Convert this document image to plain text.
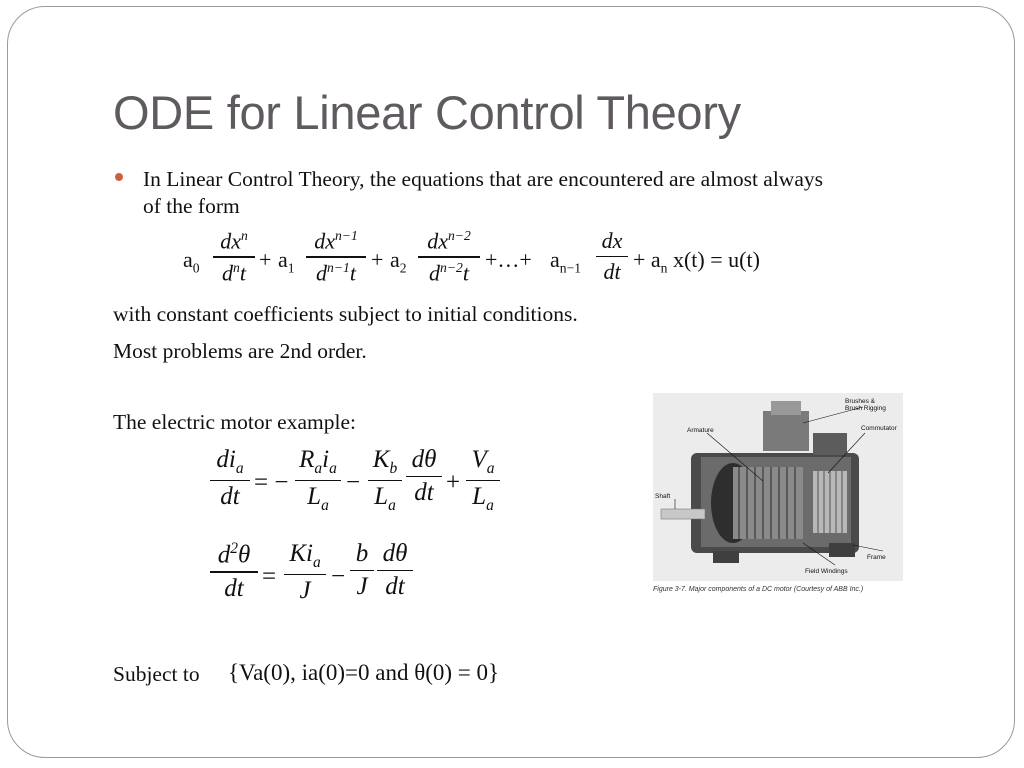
ODE for Linear Control Theory
In Linear Control Theory, the equations that are encountered are almost always
of the form
$a_0$
$dx^n$
$d^nt$
+ $a_1$
$dx^{n-1}$
$d^{n-1}t$
+ $a_2$
$dx^{n-2}$
$d^{n-2}t$
+…+ $a_{n-1}$
dx
dt + $a_n$ x(t) = u(t)
with constant coefficients subject to initial conditions.
Most problems are 2nd order.
The electric motor example:
$di_a$
dt
= −
$R_ai_a$
$L_a$
−
$K_b$
$L_a$
dθ
dt +
$V_a$
$L_a$
$d^2\theta$
dt =
$Ki_a$
J
−
b
J
dθ
dt
Subject to {Va(0), ia(0)=0 and θ(0) = 0}
Brushes &
Brush Rigging
Armature	Commutator
Shaft
Frame
Field Windings
Figure 3-7. Major components of a DC motor (Courtesy of ABB Inc.)
